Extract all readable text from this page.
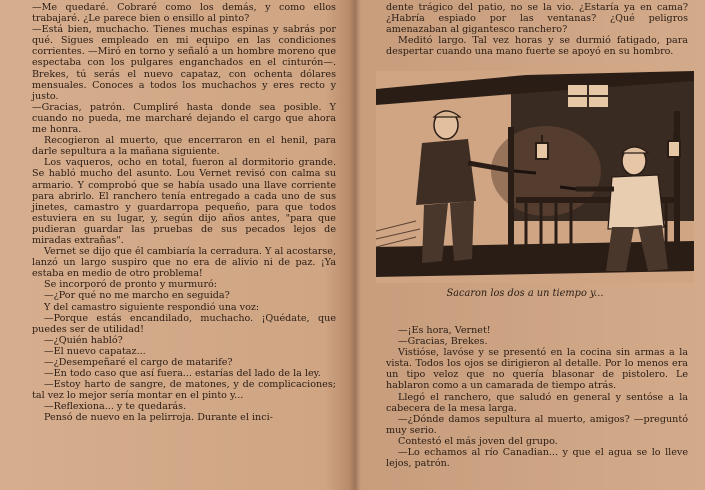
—Me quedaré. Cobraré como los demás, y como ellos trabajaré. ¿Le parece bien o ensillo al pinto?

—Está bien, muchacho. Tienes muchas espinas y sabrás por qué. Sigues empleado en mi equipo en las condiciones corrientes. —Miró en torno y señaló a un hombre moreno que espectaba con los pulgares enganchados en el cinturón—. Brekes, tú serás el nuevo capataz, con ochenta dólares mensuales. Conoces a todos los muchachos y eres recto y justo.

—Gracias, patrón. Cumpliré hasta donde sea posible. Y cuando no pueda, me marcharé dejando el cargo que ahora me honra.

Recogieron al muerto, que encerraron en el henil, para darle sepultura a la mañana siguiente.

Los vaqueros, ocho en total, fueron al dormitorio grande. Se habló mucho del asunto. Lou Vernet revisó con calma su armario. Y comprobó que se había usado una llave corriente para abrirlo. El ranchero tenía entregado a cada uno de sus jinetes, camastro y guardarropa pequeño, para que todos estuviera en su lugar, y, según dijo años antes, "para que pudieran guardar las pruebas de sus pecados lejos de miradas extrañas".

Vernet se dijo que él cambiaría la cerradura. Y al acostarse, lanzó un largo suspiro que no era de alivio ni de paz. ¡Ya estaba en medio de otro problema!

Se incorporó de pronto y murmuró:

—¿Por qué no me marcho en seguida?

Y del camastro siguiente respondió una voz:

—Porque estás encandilado, muchacho. ¡Quédate, que puedes ser de utilidad!

—¿Quién habló?

—El nuevo capataz...

—¿Desempeñaré el cargo de matarife?

—En todo caso que así fuera... estarías del lado de la ley.

—Estoy harto de sangre, de matones, y de complicaciones; tal vez lo mejor sería montar en el pinto y...

—Reflexiona... y te quedarás.

Pensó de nuevo en la pelirroja. Durante el inci-

dente trágico del patio, no se la vio. ¿Estaría ya en cama? ¿Habría espiado por las ventanas? ¿Qué peligros amenazaban al gigantesco ranchero?

Meditó largo. Tal vez horas y se durmió fatigado, para despertar cuando una mano fuerte se apoyó en su hombro.

—¡Es hora, Vernet!

—Gracias, Brekes.

Vistióse, lavóse y se presentó en la cocina sin armas a la vista. Todos los ojos se dirigieron al detalle. Por lo menos era un tipo veloz que no quería blasonar de pistolero. Le hablaron como a un camarada de tiempo atrás.

Llegó el ranchero, que saludó en general y sentóse a la cabecera de la mesa larga.

—¿Dónde damos sepultura al muerto, amigos? —preguntó muy serio.

Contestó el más joven del grupo.

—Lo echamos al río Canadian... y que el agua se lo lleve lejos, patrón.

Sacaron los dos a un tiempo y...
